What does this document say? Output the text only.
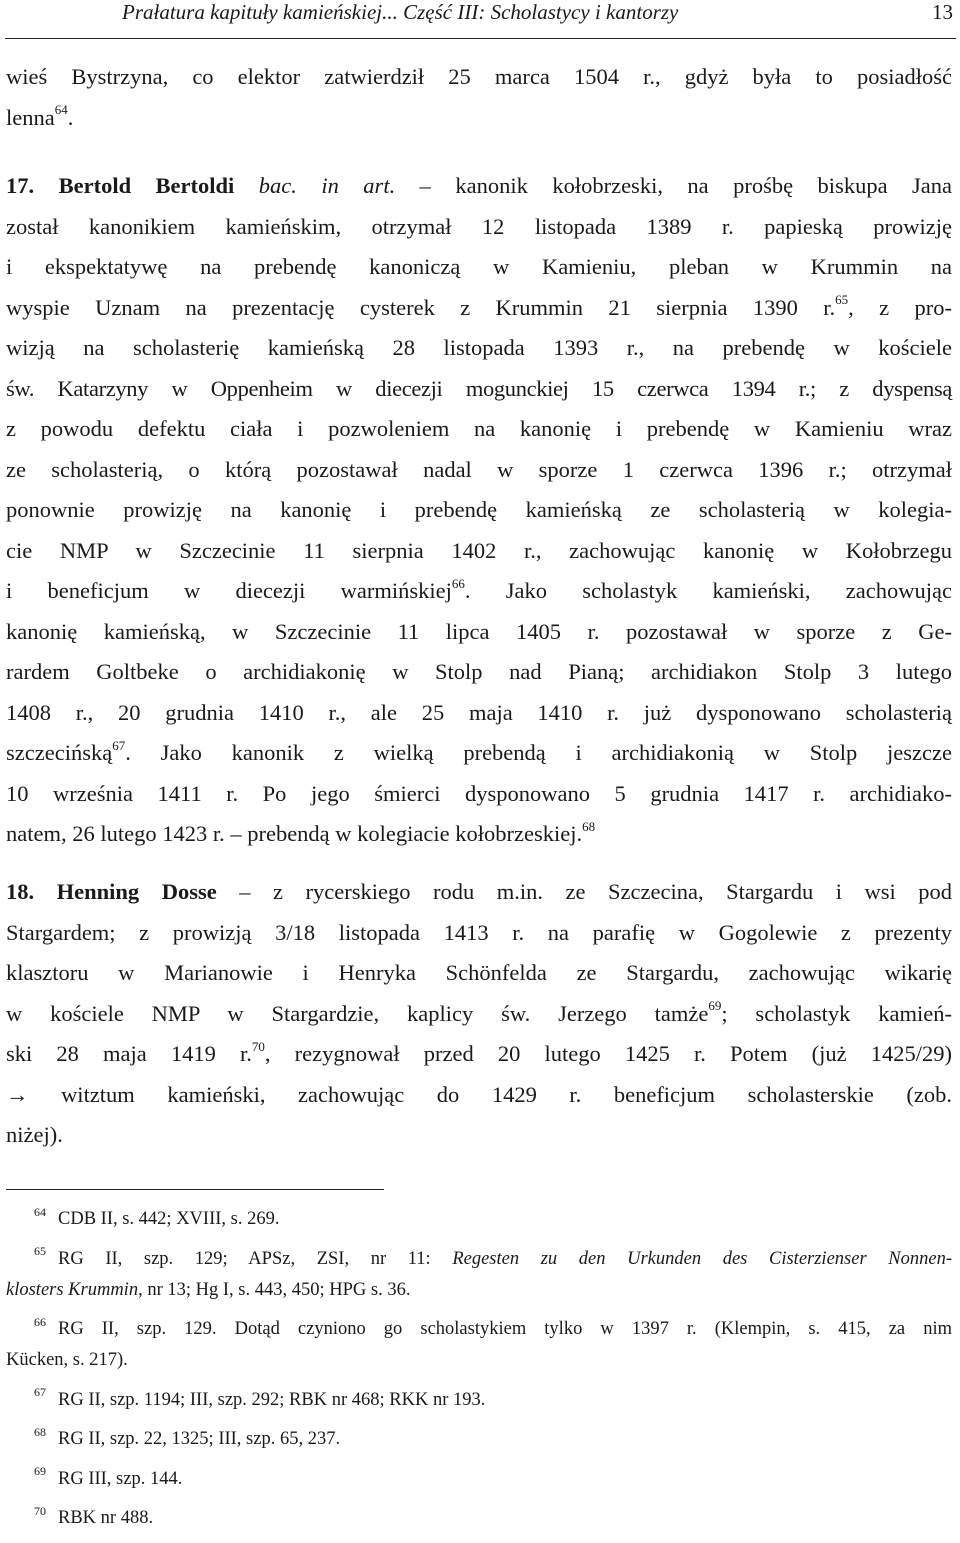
Prałatura kapituły kamieńskiej... Część III: Scholastycy i kantorzy	13
wieś Bystrzyna, co elektor zatwierdził 25 marca 1504 r., gdyż była to posiadłość
lenna$^{64}$.
17. Bertold Bertoldi bac. in art. – kanonik kołobrzeski, na prośbę biskupa Jana
został kanonikiem kamieńskim, otrzymał 12 listopada 1389 r. papieską prowizję
i ekspektatywę na prebendę kanoniczą w Kamieniu, pleban w Krummin na
wyspie Uznam na prezentację cysterek z Krummin 21 sierpnia 1390 r.$^{65}$, z pro-
wizją na scholasterię kamieńską 28 listopada 1393 r., na prebendę w kościele
św. Katarzyny w Oppenheim w diecezji mogunckiej 15 czerwca 1394 r.; z dyspensą
z powodu defektu ciała i pozwoleniem na kanonię i prebendę w Kamieniu wraz
ze scholasterią, o którą pozostawał nadal w sporze 1 czerwca 1396 r.; otrzymał
ponownie prowizję na kanonię i prebendę kamieńską ze scholasterią w kolegia-
cie NMP w Szczecinie 11 sierpnia 1402 r., zachowując kanonię w Kołobrzegu
i beneficjum w diecezji warmińskiej$^{66}$. Jako scholastyk kamieński, zachowując
kanonię kamieńską, w Szczecinie 11 lipca 1405 r. pozostawał w sporze z Ge-
rardem Goltbeke o archidiakonię w Stolp nad Pianą; archidiakon Stolp 3 lutego
1408 r., 20 grudnia 1410 r., ale 25 maja 1410 r. już dysponowano scholasterią
szczecińską$^{67}$. Jako kanonik z wielką prebendą i archidiakonią w Stolp jeszcze
10 września 1411 r. Po jego śmierci dysponowano 5 grudnia 1417 r. archidiako-
natem, 26 lutego 1423 r. – prebendą w kolegiacie kołobrzeskiej.$^{68}$
18. Henning Dosse – z rycerskiego rodu m.in. ze Szczecina, Stargardu i wsi pod
Stargardem; z prowizją 3/18 listopada 1413 r. na parafię w Gogolewie z prezenty
klasztoru w Marianowie i Henryka Schönfelda ze Stargardu, zachowując wikarię
w kościele NMP w Stargardzie, kaplicy św. Jerzego tamże$^{69}$; scholastyk kamień-
ski 28 maja 1419 r.$^{70}$, rezygnował przed 20 lutego 1425 r. Potem (już 1425/29)
→ witztum kamieński, zachowując do 1429 r. beneficjum scholasterskie (zob.
niżej).
$^{64}$ CDB II, s. 442; XVIII, s. 269.
$^{65}$ RG II, szp. 129; APSz, ZSI, nr 11: Regesten zu den Urkunden des Cisterzienser Nonnen-
klosters Krummin, nr 13; Hg I, s. 443, 450; HPG s. 36.
$^{66}$ RG II, szp. 129. Dotąd czyniono go scholastykiem tylko w 1397 r. (Klempin, s. 415, za nim
Kücken, s. 217).
$^{67}$ RG II, szp. 1194; III, szp. 292; RBK nr 468; RKK nr 193.
$^{68}$ RG II, szp. 22, 1325; III, szp. 65, 237.
$^{69}$ RG III, szp. 144.
$^{70}$ RBK nr 488.
